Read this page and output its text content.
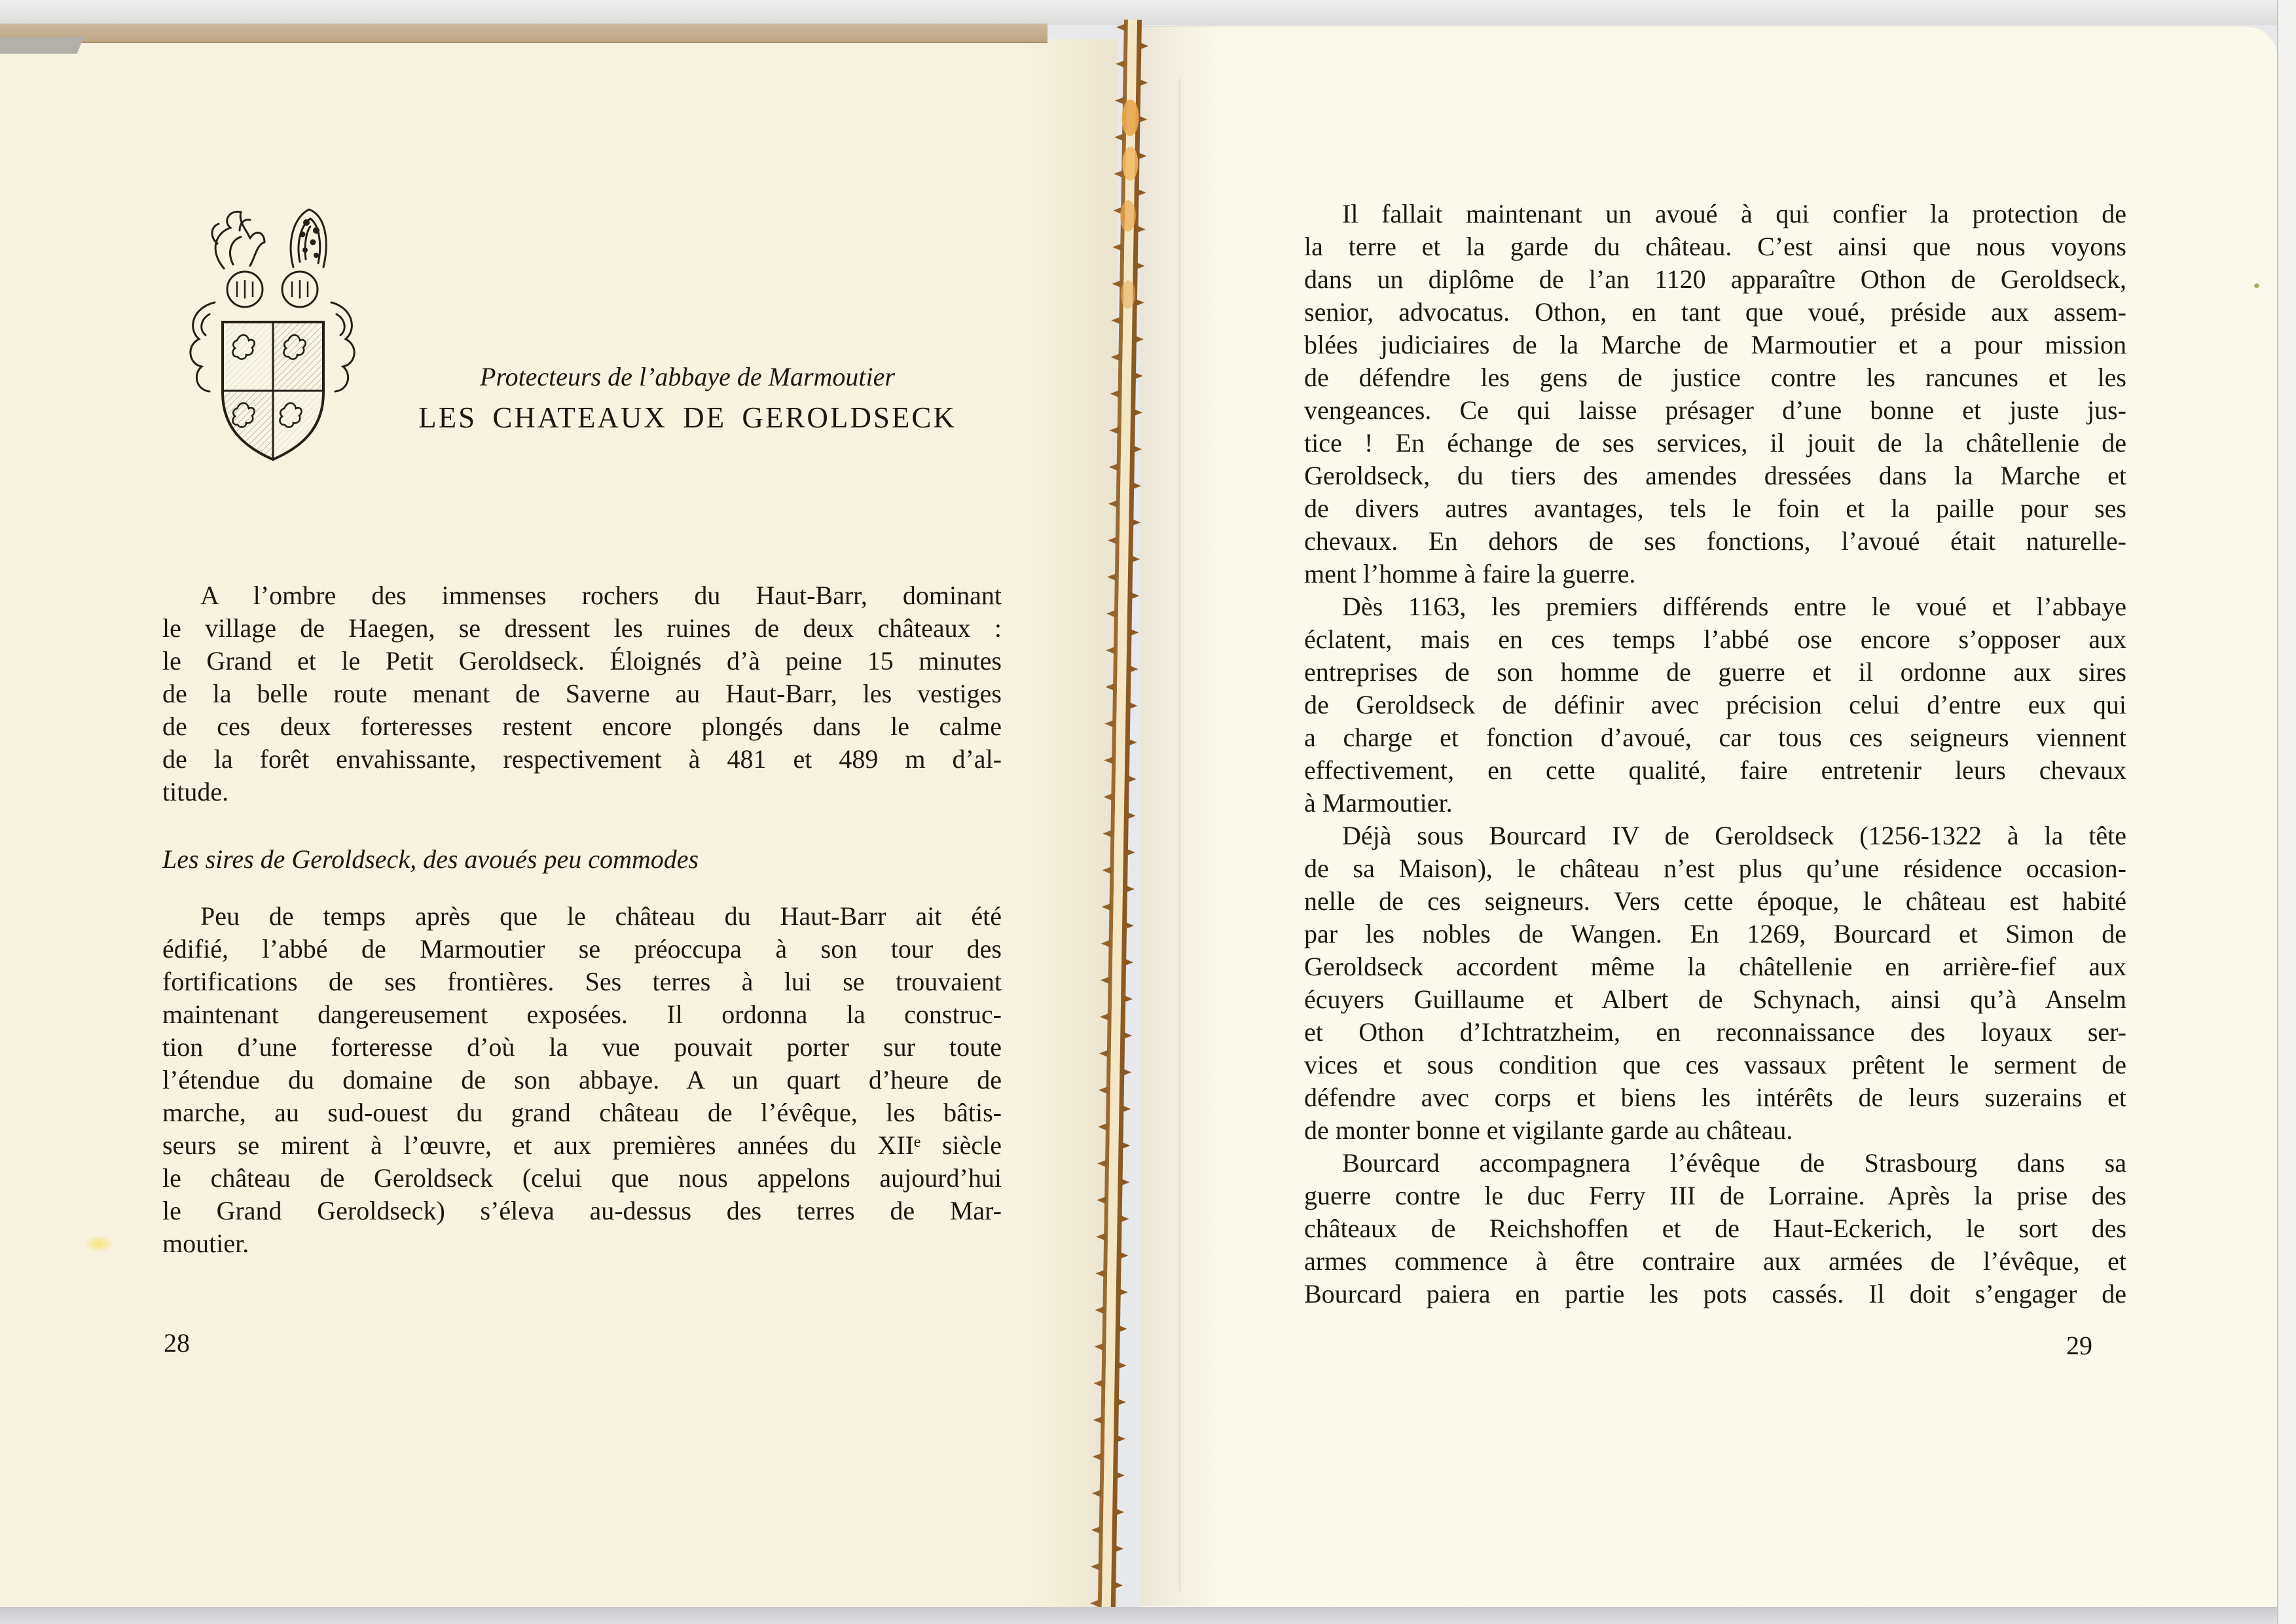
Protecteurs de l’abbaye de Marmoutier
LES CHATEAUX DE GEROLDSECK
A l’ombre des immenses rochers du Haut-Barr, dominant
le village de Haegen, se dressent les ruines de deux châteaux :
le Grand et le Petit Geroldseck. Éloignés d’à peine 15 minutes
de la belle route menant de Saverne au Haut-Barr, les vestiges
de ces deux forteresses restent encore plongés dans le calme
de la forêt envahissante, respectivement à 481 et 489 m d’al-
titude.
Les sires de Geroldseck, des avoués peu commodes
Peu de temps après que le château du Haut-Barr ait été
édifié, l’abbé de Marmoutier se préoccupa à son tour des
fortifications de ses frontières. Ses terres à lui se trouvaient
maintenant dangereusement exposées. Il ordonna la construc-
tion d’une forteresse d’où la vue pouvait porter sur toute
l’étendue du domaine de son abbaye. A un quart d’heure de
marche, au sud-ouest du grand château de l’évêque, les bâtis-
seurs se mirent à l’œuvre, et aux premières années du XIIᵉ siècle
le château de Geroldseck (celui que nous appelons aujourd’hui
le Grand Geroldseck) s’éleva au-dessus des terres de Mar-
moutier.
Il fallait maintenant un avoué à qui confier la protection de
la terre et la garde du château. C’est ainsi que nous voyons
dans un diplôme de l’an 1120 apparaître Othon de Geroldseck,
senior, advocatus. Othon, en tant que voué, préside aux assem-
blées judiciaires de la Marche de Marmoutier et a pour mission
de défendre les gens de justice contre les rancunes et les
vengeances. Ce qui laisse présager d’une bonne et juste jus-
tice ! En échange de ses services, il jouit de la châtellenie de
Geroldseck, du tiers des amendes dressées dans la Marche et
de divers autres avantages, tels le foin et la paille pour ses
chevaux. En dehors de ses fonctions, l’avoué était naturelle-
ment l’homme à faire la guerre.
Dès 1163, les premiers différends entre le voué et l’abbaye
éclatent, mais en ces temps l’abbé ose encore s’opposer aux
entreprises de son homme de guerre et il ordonne aux sires
de Geroldseck de définir avec précision celui d’entre eux qui
a charge et fonction d’avoué, car tous ces seigneurs viennent
effectivement, en cette qualité, faire entretenir leurs chevaux
à Marmoutier.
Déjà sous Bourcard IV de Geroldseck (1256-1322 à la tête
de sa Maison), le château n’est plus qu’une résidence occasion-
nelle de ces seigneurs. Vers cette époque, le château est habité
par les nobles de Wangen. En 1269, Bourcard et Simon de
Geroldseck accordent même la châtellenie en arrière-fief aux
écuyers Guillaume et Albert de Schynach, ainsi qu’à Anselm
et Othon d’Ichtratzheim, en reconnaissance des loyaux ser-
vices et sous condition que ces vassaux prêtent le serment de
défendre avec corps et biens les intérêts de leurs suzerains et
de monter bonne et vigilante garde au château.
Bourcard accompagnera l’évêque de Strasbourg dans sa
guerre contre le duc Ferry III de Lorraine. Après la prise des
châteaux de Reichshoffen et de Haut-Eckerich, le sort des
armes commence à être contraire aux armées de l’évêque, et
Bourcard paiera en partie les pots cassés. Il doit s’engager de
28	29
